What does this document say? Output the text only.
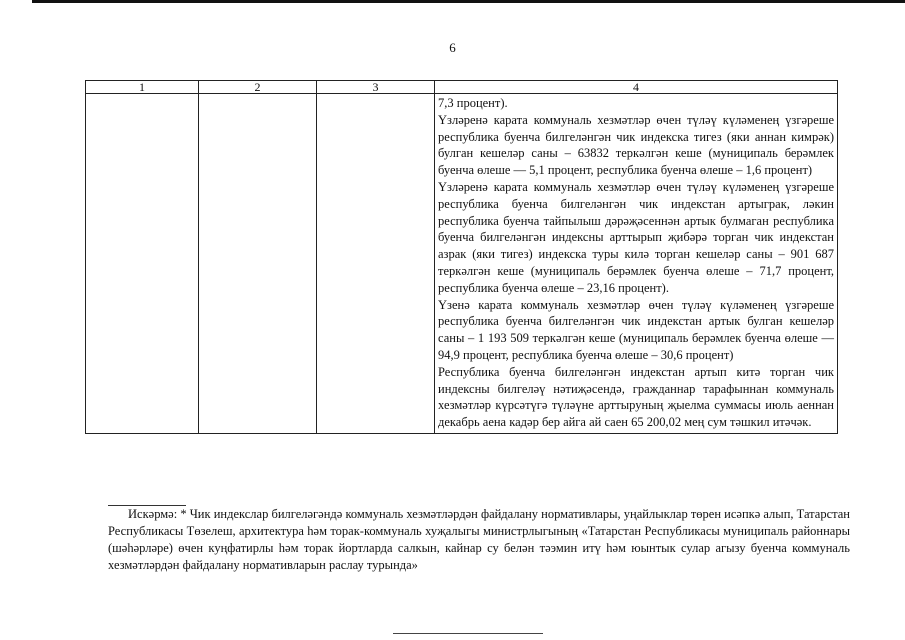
6
1	2	3	4

			7,3 процент).

Үзләренә карата коммуналь хезмәтләр өчен түләү күләменең үзгәреше республика буенча билгеләнгән чик индекска тигез (яки аннан кимрәк) булган кешеләр саны – 63832 теркәлгән кеше (муниципаль берәмлек буенча өлеше — 5,1 процент, республика буенча өлеше – 1,6 процент)

Үзләренә карата коммуналь хезмәтләр өчен түләү күләменең үзгәреше республика буенча билгеләнгән чик индекстан артыграк, ләкин республика буенча тайпылыш дәрәҗәсеннән артык булмаган республика буенча билгеләнгән индексны арттырып җибәрә торган чик индекстан азрак (яки тигез) индекска туры килә торган кешеләр саны – 901 687 теркәлгән кеше (муниципаль берәмлек буенча өлеше – 71,7 процент, республика буенча өлеше – 23,16 процент).

Үзенә карата коммуналь хезмәтләр өчен түләү күләменең үзгәреше республика буенча билгеләнгән чик индекстан артык булган кешеләр саны – 1 193 509 теркәлгән кеше (муниципаль берәмлек буенча өлеше — 94,9 процент, республика буенча өлеше – 30,6 процент)

Республика буенча билгеләнгән индекстан артып китә торган чик индексны билгеләү нәтиҗәсендә, гражданнар тарафыннан коммуналь хезмәтләр күрсәтүгә түләүне арттыруның җыелма суммасы июль аеннан декабрь аена кадәр бер айга ай саен 65 200,02 мең сум тәшкил итәчәк.

Искәрмә: * Чик индекслар билгеләгәндә коммуналь хезмәтләрдән файдалану нормативлары, уңайлыклар төрен исәпкә алып, Татарстан Республикасы Төзелеш, архитектура һәм торак-коммуналь хуҗалыгы министрлыгының «Татарстан Республикасы муниципаль районнары (шәһәрләре) өчен куңфатирлы һәм торак йортларда салкын, кайнар су белән тәэмин итү һәм юынтык сулар агызу буенча коммуналь хезмәтләрдән файдалану нормативларын раслау турында»
